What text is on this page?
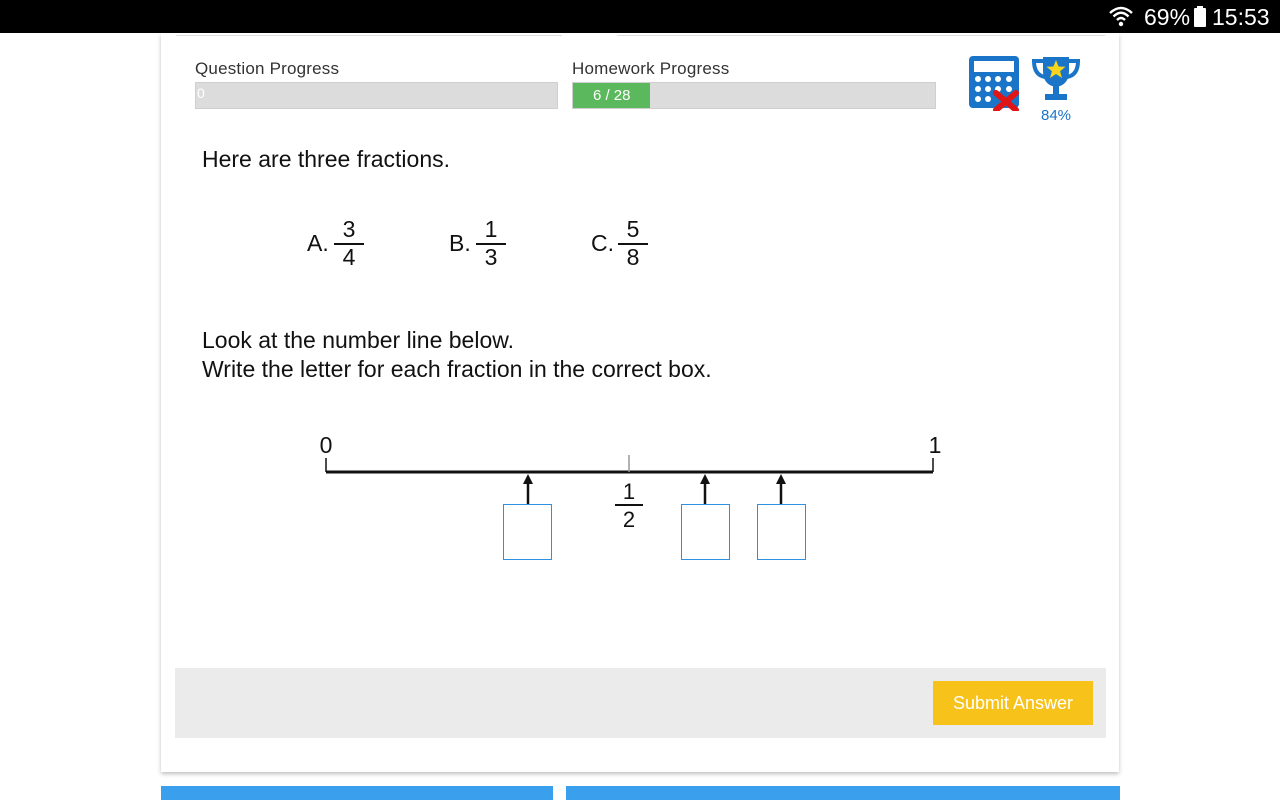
69% 15:53
Question Progress
0
Homework Progress
6 / 28
84%
Here are three fractions.
A.
3
4
B.
1
3
C.
5
8
Look at the number line below.
Write the letter for each fraction in the correct box.
0	1
1
2
Submit Answer
